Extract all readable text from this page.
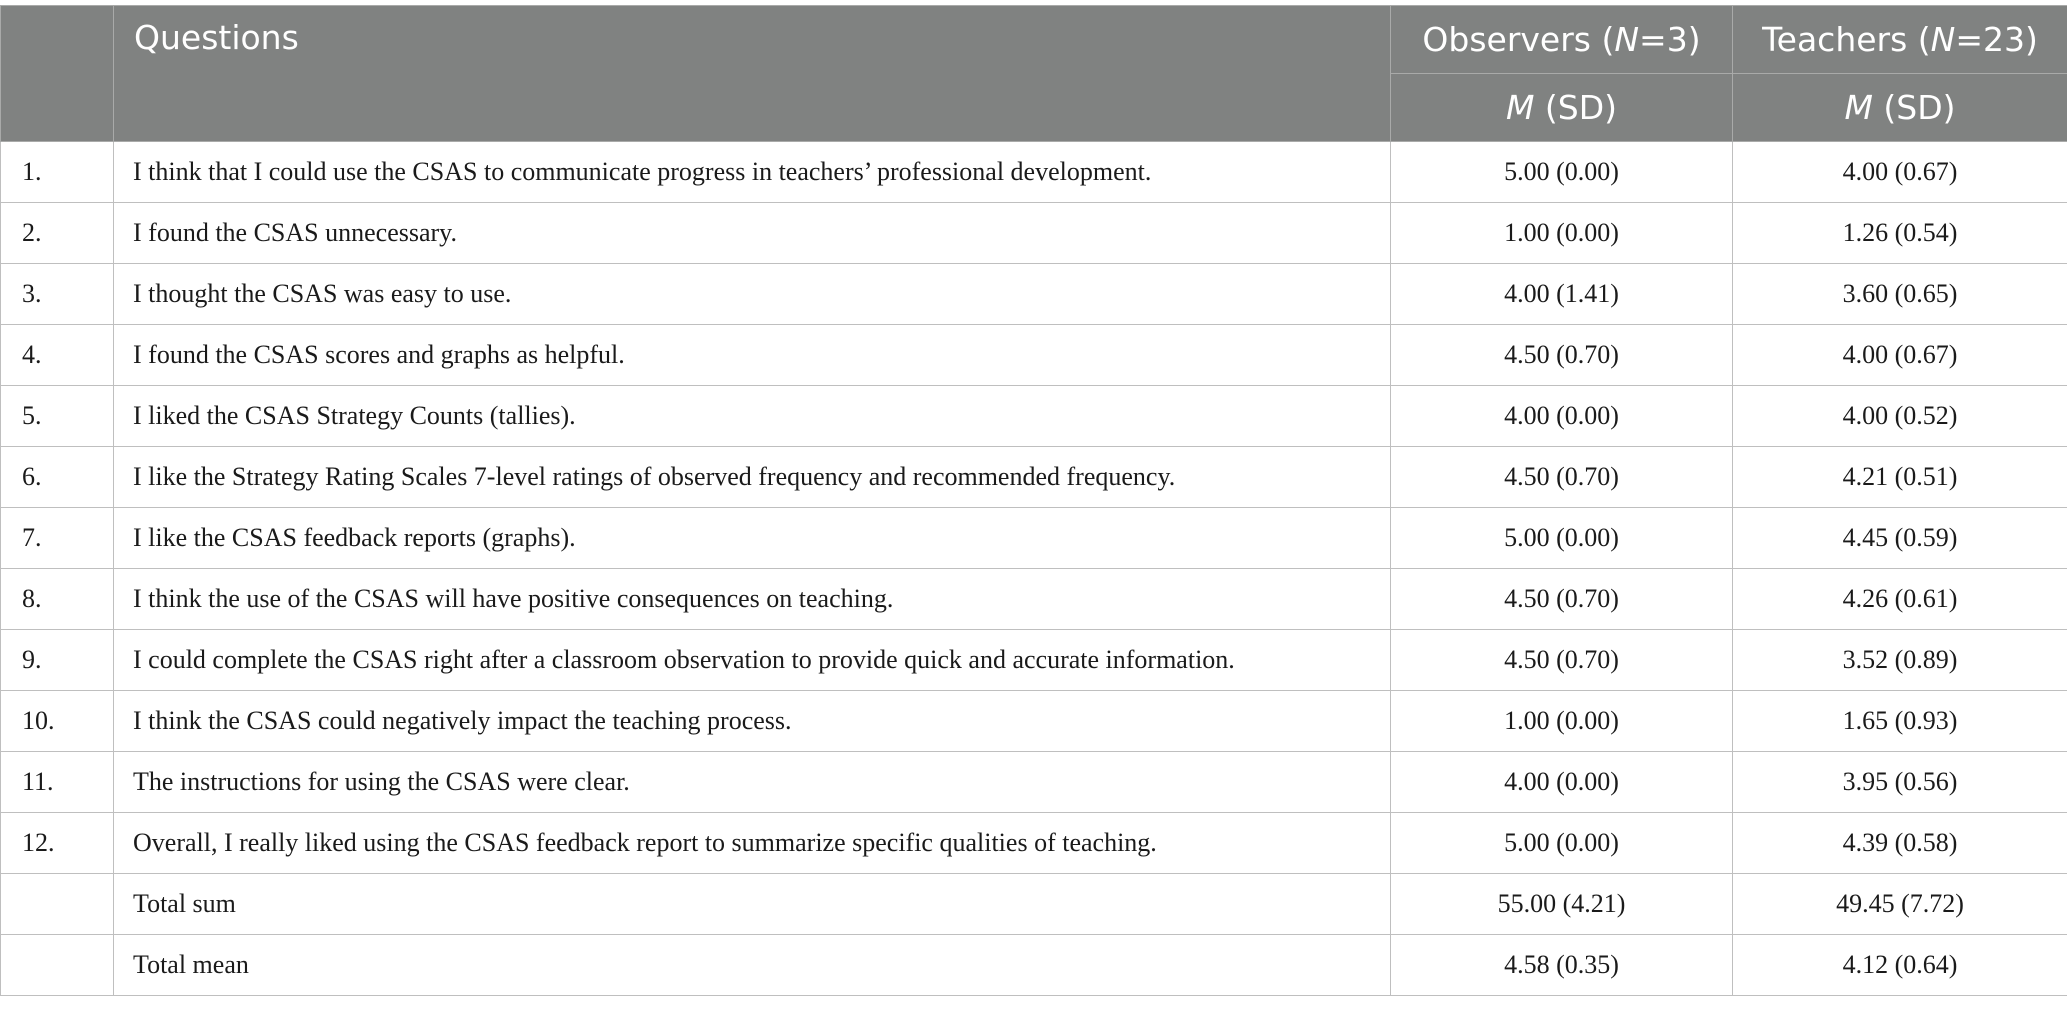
	Questions	Observers (N=3)	Teachers (N=23)
		M (SD)	M (SD)
1.	I think that I could use the CSAS to communicate progress in teachers’ professional development.	5.00 (0.00)	4.00 (0.67)
2.	I found the CSAS unnecessary.	1.00 (0.00)	1.26 (0.54)
3.	I thought the CSAS was easy to use.	4.00 (1.41)	3.60 (0.65)
4.	I found the CSAS scores and graphs as helpful.	4.50 (0.70)	4.00 (0.67)
5.	I liked the CSAS Strategy Counts (tallies).	4.00 (0.00)	4.00 (0.52)
6.	I like the Strategy Rating Scales 7-level ratings of observed frequency and recommended frequency.	4.50 (0.70)	4.21 (0.51)
7.	I like the CSAS feedback reports (graphs).	5.00 (0.00)	4.45 (0.59)
8.	I think the use of the CSAS will have positive consequences on teaching.	4.50 (0.70)	4.26 (0.61)
9.	I could complete the CSAS right after a classroom observation to provide quick and accurate information.	4.50 (0.70)	3.52 (0.89)
10.	I think the CSAS could negatively impact the teaching process.	1.00 (0.00)	1.65 (0.93)
11.	The instructions for using the CSAS were clear.	4.00 (0.00)	3.95 (0.56)
12.	Overall, I really liked using the CSAS feedback report to summarize specific qualities of teaching.	5.00 (0.00)	4.39 (0.58)
	Total sum	55.00 (4.21)	49.45 (7.72)
	Total mean	4.58 (0.35)	4.12 (0.64)
